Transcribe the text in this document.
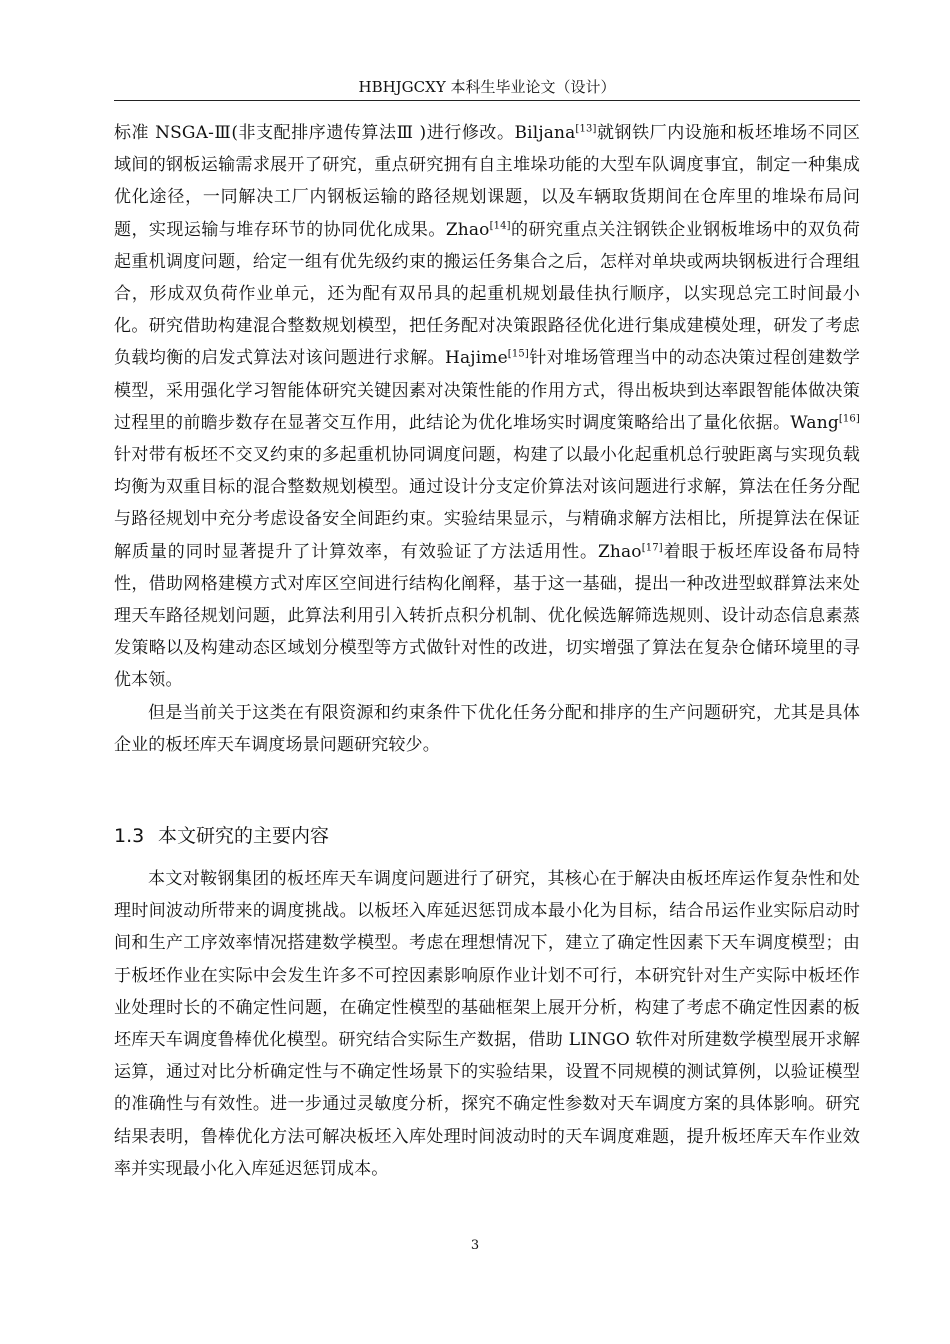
HBHJGCXY 本科生毕业论文（设计）

标准 NSGA-Ⅲ(非支配排序遗传算法Ⅲ )进行修改。Biljana[13]就钢铁厂内设施和板坯堆场不同区域间的钢板运输需求展开了研究，重点研究拥有自主堆垛功能的大型车队调度事宜，制定一种集成优化途径，一同解决工厂内钢板运输的路径规划课题，以及车辆取货期间在仓库里的堆垛布局问题，实现运输与堆存环节的协同优化成果。Zhao[14]的研究重点关注钢铁企业钢板堆场中的双负荷起重机调度问题，给定一组有优先级约束的搬运任务集合之后，怎样对单块或两块钢板进行合理组合，形成双负荷作业单元，还为配有双吊具的起重机规划最佳执行顺序，以实现总完工时间最小化。研究借助构建混合整数规划模型，把任务配对决策跟路径优化进行集成建模处理，研发了考虑负载均衡的启发式算法对该问题进行求解。Hajime[15]针对堆场管理当中的动态决策过程创建数学模型，采用强化学习智能体研究关键因素对决策性能的作用方式，得出板块到达率跟智能体做决策过程里的前瞻步数存在显著交互作用，此结论为优化堆场实时调度策略给出了量化依据。Wang[16]针对带有板坯不交叉约束的多起重机协同调度问题，构建了以最小化起重机总行驶距离与实现负载均衡为双重目标的混合整数规划模型。通过设计分支定价算法对该问题进行求解，算法在任务分配与路径规划中充分考虑设备安全间距约束。实验结果显示，与精确求解方法相比，所提算法在保证解质量的同时显著提升了计算效率，有效验证了方法适用性。Zhao[17]着眼于板坯库设备布局特性，借助网格建模方式对库区空间进行结构化阐释，基于这一基础，提出一种改进型蚁群算法来处理天车路径规划问题，此算法利用引入转折点积分机制、优化候选解筛选规则、设计动态信息素蒸发策略以及构建动态区域划分模型等方式做针对性的改进，切实增强了算法在复杂仓储环境里的寻优本领。

但是当前关于这类在有限资源和约束条件下优化任务分配和排序的生产问题研究，尤其是具体企业的板坯库天车调度场景问题研究较少。

1.3 本文研究的主要内容

本文对鞍钢集团的板坯库天车调度问题进行了研究，其核心在于解决由板坯库运作复杂性和处理时间波动所带来的调度挑战。以板坯入库延迟惩罚成本最小化为目标，结合吊运作业实际启动时间和生产工序效率情况搭建数学模型。考虑在理想情况下，建立了确定性因素下天车调度模型；由于板坯作业在实际中会发生许多不可控因素影响原作业计划不可行，本研究针对生产实际中板坯作业处理时长的不确定性问题，在确定性模型的基础框架上展开分析，构建了考虑不确定性因素的板坯库天车调度鲁棒优化模型。研究结合实际生产数据，借助 LINGO 软件对所建数学模型展开求解运算，通过对比分析确定性与不确定性场景下的实验结果，设置不同规模的测试算例，以验证模型的准确性与有效性。进一步通过灵敏度分析，探究不确定性参数对天车调度方案的具体影响。研究结果表明，鲁棒优化方法可解决板坯入库处理时间波动时的天车调度难题，提升板坯库天车作业效率并实现最小化入库延迟惩罚成本。

3
